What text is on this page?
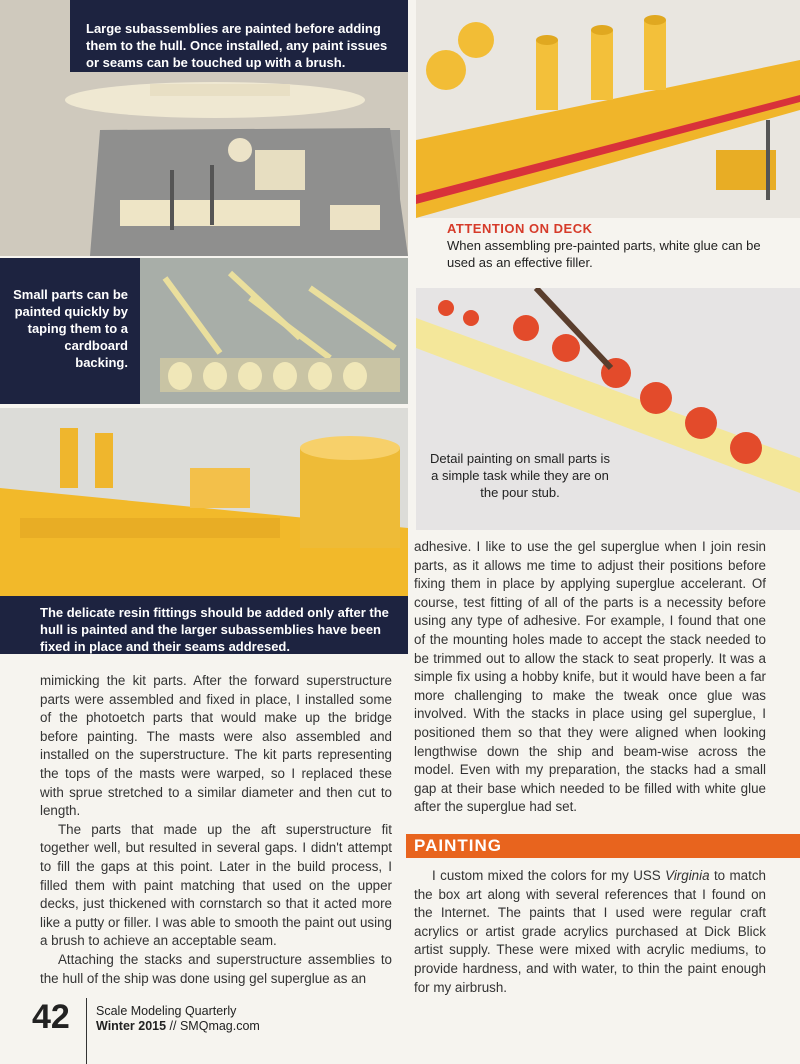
Large subassemblies are painted before adding them to the hull. Once installed, any paint issues or seams can be touched up with a brush.
ATTENTION ON DECK
When assembling pre-painted parts, white glue can be used as an effective filler.
Small parts can be painted quickly by taping them to a cardboard backing.
Detail painting on small parts is a simple task while they are on the pour stub.
The delicate resin fittings should be added only after the hull is painted and the larger subassemblies have been fixed in place and their seams addresed.

mimicking the kit parts. After the forward superstructure parts were assembled and fixed in place, I installed some of the photoetch parts that would make up the bridge before painting. The masts were also assembled and installed on the superstructure. The kit parts representing the tops of the masts were warped, so I replaced these with sprue stretched to a similar diameter and then cut to length.

The parts that made up the aft superstructure fit together well, but resulted in several gaps. I didn't attempt to fill the gaps at this point. Later in the build process, I filled them with paint matching that used on the upper decks, just thickened with cornstarch so that it acted more like a putty or filler. I was able to smooth the paint out using a brush to achieve an acceptable seam.

Attaching the stacks and superstructure assemblies to the hull of the ship was done using gel superglue as an

adhesive. I like to use the gel superglue when I join resin parts, as it allows me time to adjust their positions before fixing them in place by applying superglue accelerant. Of course, test fitting of all of the parts is a necessity before using any type of adhesive. For example, I found that one of the mounting holes made to accept the stack needed to be trimmed out to allow the stack to seat properly. It was a simple fix using a hobby knife, but it would have been a far more challenging to make the tweak once glue was involved. With the stacks in place using gel superglue, I positioned them so that they were aligned when looking lengthwise down the ship and beam-wise across the model. Even with my preparation, the stacks had a small gap at their base which needed to be filled with white glue after the superglue had set.

PAINTING

I custom mixed the colors for my USS Virginia to match the box art along with several references that I found on the Internet. The paints that I used were regular craft acrylics or artist grade acrylics purchased at Dick Blick artist supply. These were mixed with acrylic mediums, to provide hardness, and with water, to thin the paint enough for my airbrush.

42 Scale Modeling Quarterly
Winter 2015 // SMQmag.com
